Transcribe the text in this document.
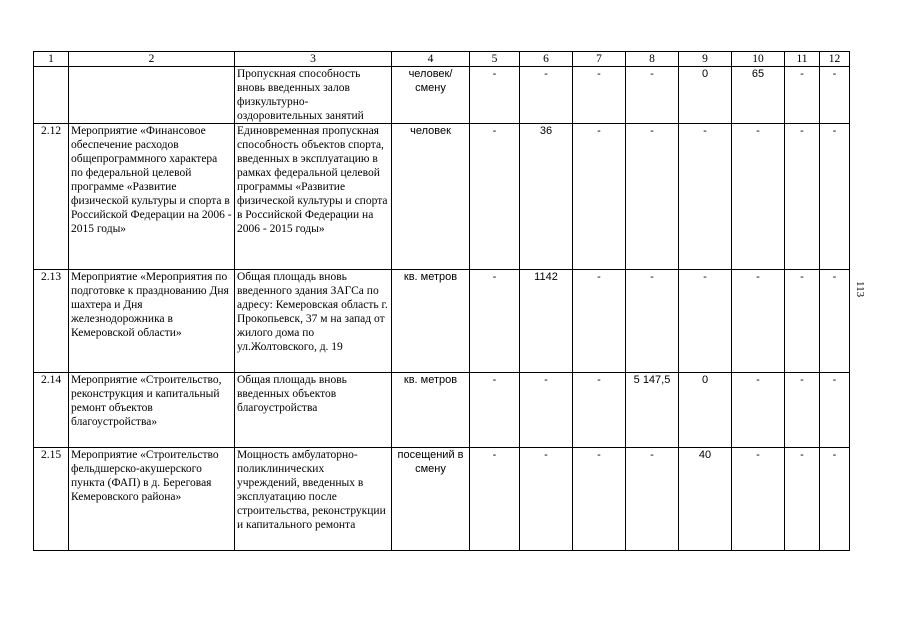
1	2	3	4	5	6	7	8	9	10	11	12
		Пропускная способность вновь введенных залов физкультурно-оздоровительных занятий	человек/ смену	-	-	-	-	0	65	-	-
2.12	Мероприятие «Финансовое обеспечение расходов общепрограммного характера по федеральной целевой программе «Развитие физической культуры и спорта в Российской Федерации на 2006 - 2015 годы»	Единовременная пропускная способность объектов спорта, введенных в эксплуатацию в рамках федеральной целевой программы «Развитие физической культуры и спорта в Российской Федерации на 2006 - 2015 годы»	человек	-	36	-	-	-	-	-	-
2.13	Мероприятие «Мероприятия по подготовке к празднованию Дня шахтера и Дня железнодорожника в Кемеровской области»	Общая площадь вновь введенного здания ЗАГСа по адресу: Кемеровская область г. Прокопьевск, 37 м на запад от жилого дома по ул.Жолтовского, д. 19	кв. метров	-	1142	-	-	-	-	-	-
2.14	Мероприятие «Строительство, реконструкция и капитальный ремонт объектов благоустройства»	Общая площадь вновь введенных объектов благоустройства	кв. метров	-	-	-	5 147,5	0	-	-	-
2.15	Мероприятие «Строительство фельдшерско-акушерского пункта (ФАП) в д. Береговая Кемеровского района»	Мощность амбулаторно-поликлинических учреждений, введенных в эксплуатацию после строительства, реконструкции и капитального ремонта	посещений в смену	-	-	-	-	40	-	-	-
113
